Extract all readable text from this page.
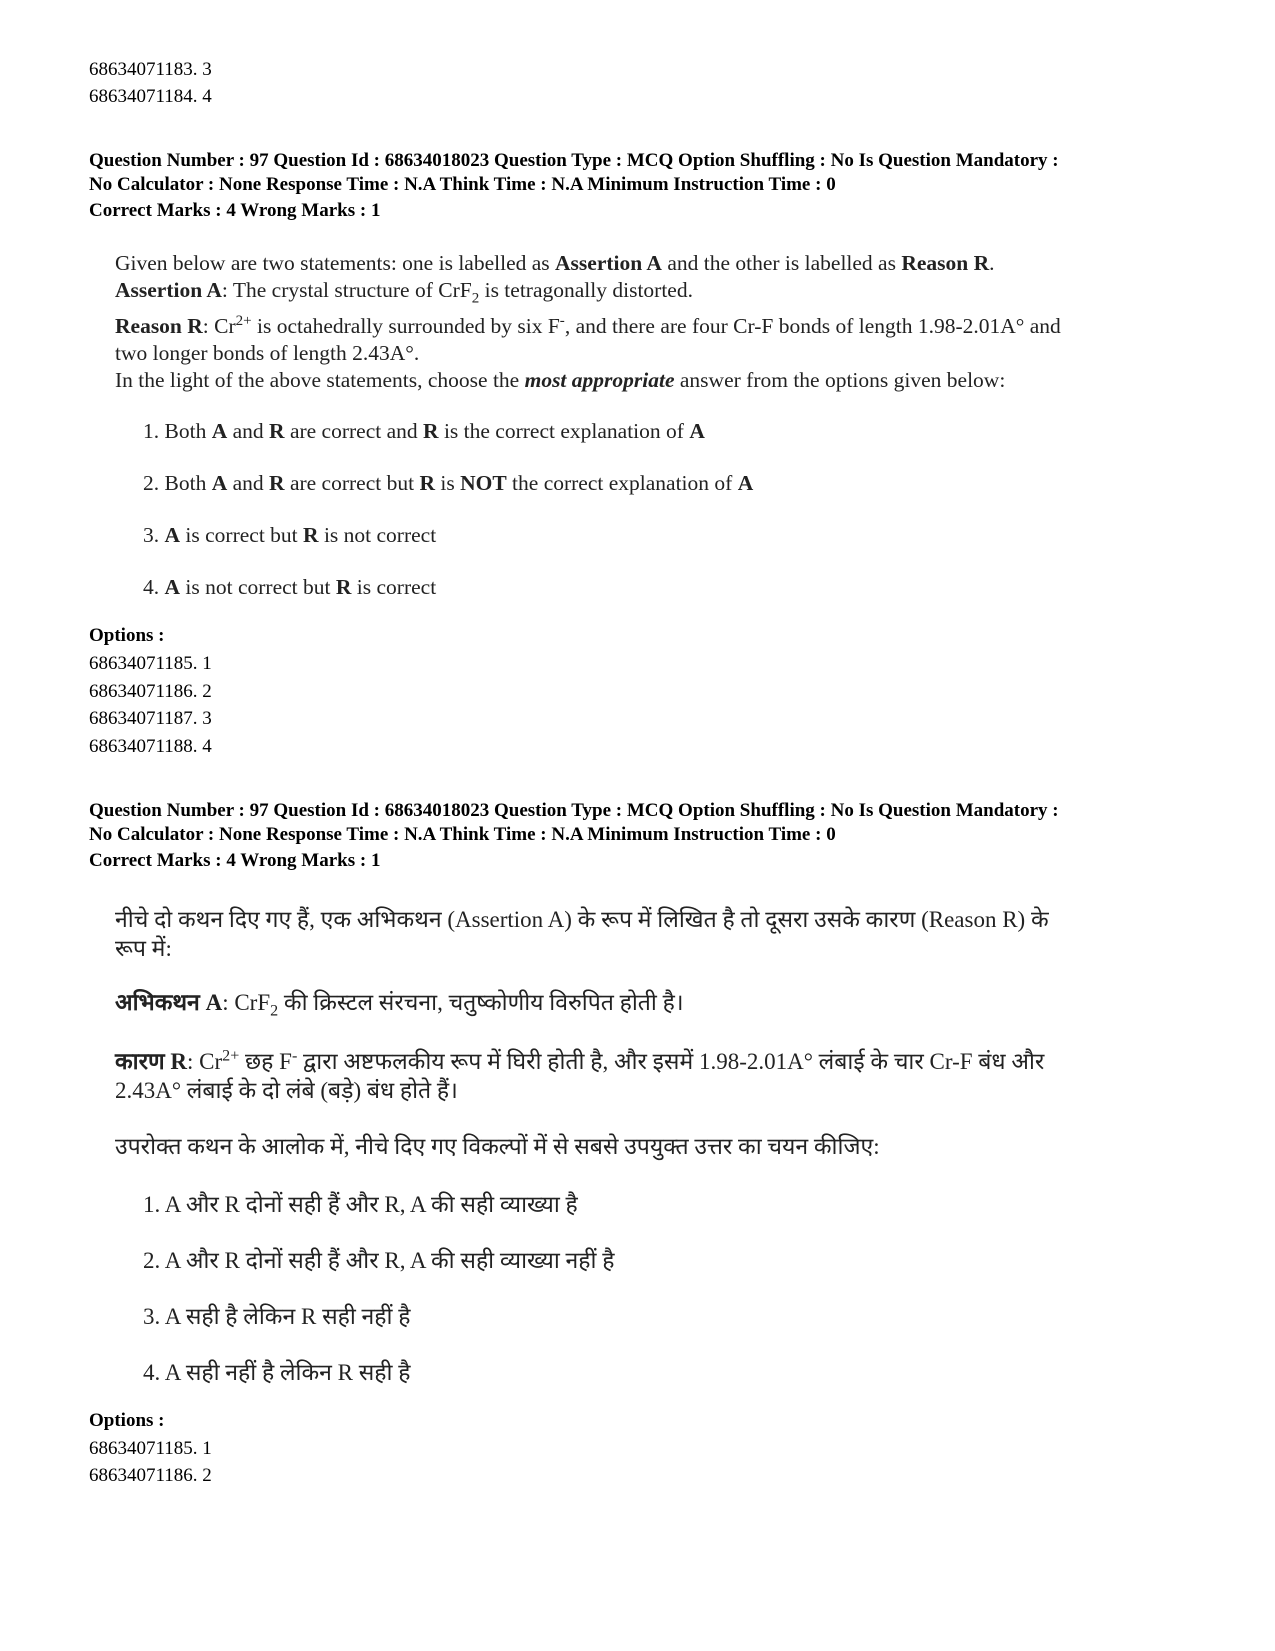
68634071183. 3
68634071184. 4
Question Number : 97 Question Id : 68634018023 Question Type : MCQ Option Shuffling : No Is Question Mandatory :
No Calculator : None Response Time : N.A Think Time : N.A Minimum Instruction Time : 0
Correct Marks : 4 Wrong Marks : 1
Given below are two statements: one is labelled as Assertion A and the other is labelled as Reason R.
Assertion A: The crystal structure of CrF$_2$ is tetragonally distorted.
Reason R: $Cr^{2+}$ is octahedrally surrounded by six F-, and there are four Cr-F bonds of length 1.98-2.01A° and
two longer bonds of length 2.43A°.
In the light of the above statements, choose the most appropriate answer from the options given below:
1. Both A and R are correct and R is the correct explanation of A
2. Both A and R are correct but R is NOT the correct explanation of A
3. A is correct but R is not correct
4. A is not correct but R is correct
Options :
68634071185. 1
68634071186. 2
68634071187. 3
68634071188. 4
Question Number : 97 Question Id : 68634018023 Question Type : MCQ Option Shuffling : No Is Question Mandatory :
No Calculator : None Response Time : N.A Think Time : N.A Minimum Instruction Time : 0
Correct Marks : 4 Wrong Marks : 1
नीचे दो कथन दिए गए हैं, एक अभिकथन (Assertion A) के रूप में लिखित है तो दूसरा उसके कारण (Reason R) के
रूप में:
अभिकथन A: CrF$_2$ की क्रिस्टल संरचना, चतुष्कोणीय विरुपित होती है।
कारण R: $Cr^{2+}$ छह F- द्वारा अष्टफलकीय रूप में घिरी होती है, और इसमें 1.98-2.01A° लंबाई के चार Cr-F बंध और
2.43A° लंबाई के दो लंबे (बड़े) बंध होते हैं।
उपरोक्त कथन के आलोक में, नीचे दिए गए विकल्पों में से सबसे उपयुक्त उत्तर का चयन कीजिए:
1. A और R दोनों सही हैं और R, A की सही व्याख्या है
2. A और R दोनों सही हैं और R, A की सही व्याख्या नहीं है
3. A सही है लेकिन R सही नहीं है
4. A सही नहीं है लेकिन R सही है
Options :
68634071185. 1
68634071186. 2
